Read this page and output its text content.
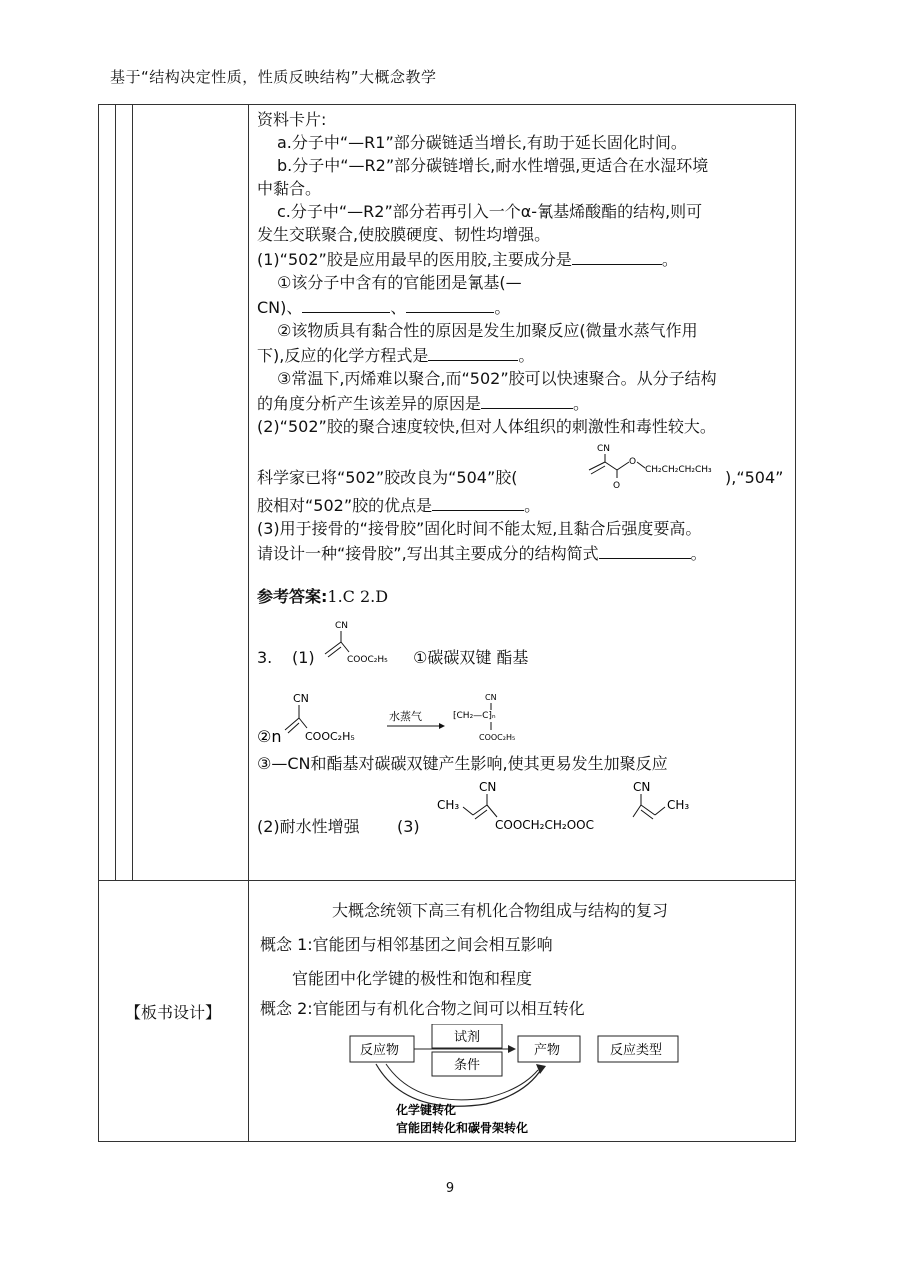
基于“结构决定性质，性质反映结构”大概念教学

资料卡片:

a.分子中“—R1”部分碳链适当增长,有助于延长固化时间。

b.分子中“—R2”部分碳链增长,耐水性增强,更适合在水湿环境

中黏合。

c.分子中“—R2”部分若再引入一个α-氰基烯酸酯的结构,则可

发生交联聚合,使胶膜硬度、韧性均增强。

(1)“502”胶是应用最早的医用胶,主要成分是	。

①该分子中含有的官能团是氰基(—

CN)、	、	。

②该物质具有黏合性的原因是发生加聚反应(微量水蒸气作用

下),反应的化学方程式是	。

③常温下,丙烯难以聚合,而“502”胶可以快速聚合。从分子结构

的角度分析产生该差异的原因是	。

(2)“502”胶的聚合速度较快,但对人体组织的刺激性和毒性较大。

科学家已将“502”胶改良为“504”胶(
CN
O
O
CH₂CH₂CH₂CH₃ ),“504”

胶相对“502”胶的优点是	。

(3)用于接骨的“接骨胶”固化时间不能太短,且黏合后强度要高。

请设计一种“接骨胶”,写出其主要成分的结构简式	。

参考答案:1.C 2.D

3. (1)
CN
COOC₂H₅ ①碳碳双键 酯基
②n
CN
COOC₂H₅
水蒸气
CN
⁅CH₂—C⁆ₙ
COOC₂H₅

③—CN和酯基对碳碳双键产生影响,使其更易发生加聚反应

(2)耐水性增强 (3)
CH₃
CN
COOCH₂CH₂OOC
CN
CH₃
【板书设计】
大概念统领下高三有机化合物组成与结构的复习
概念 1:官能团与相邻基团之间会相互影响
官能团中化学键的极性和饱和程度
概念 2:官能团与有机化合物之间可以相互转化
反应物
试剂
条件
产物	反应类型
化学键转化
官能团转化和碳骨架转化
9
